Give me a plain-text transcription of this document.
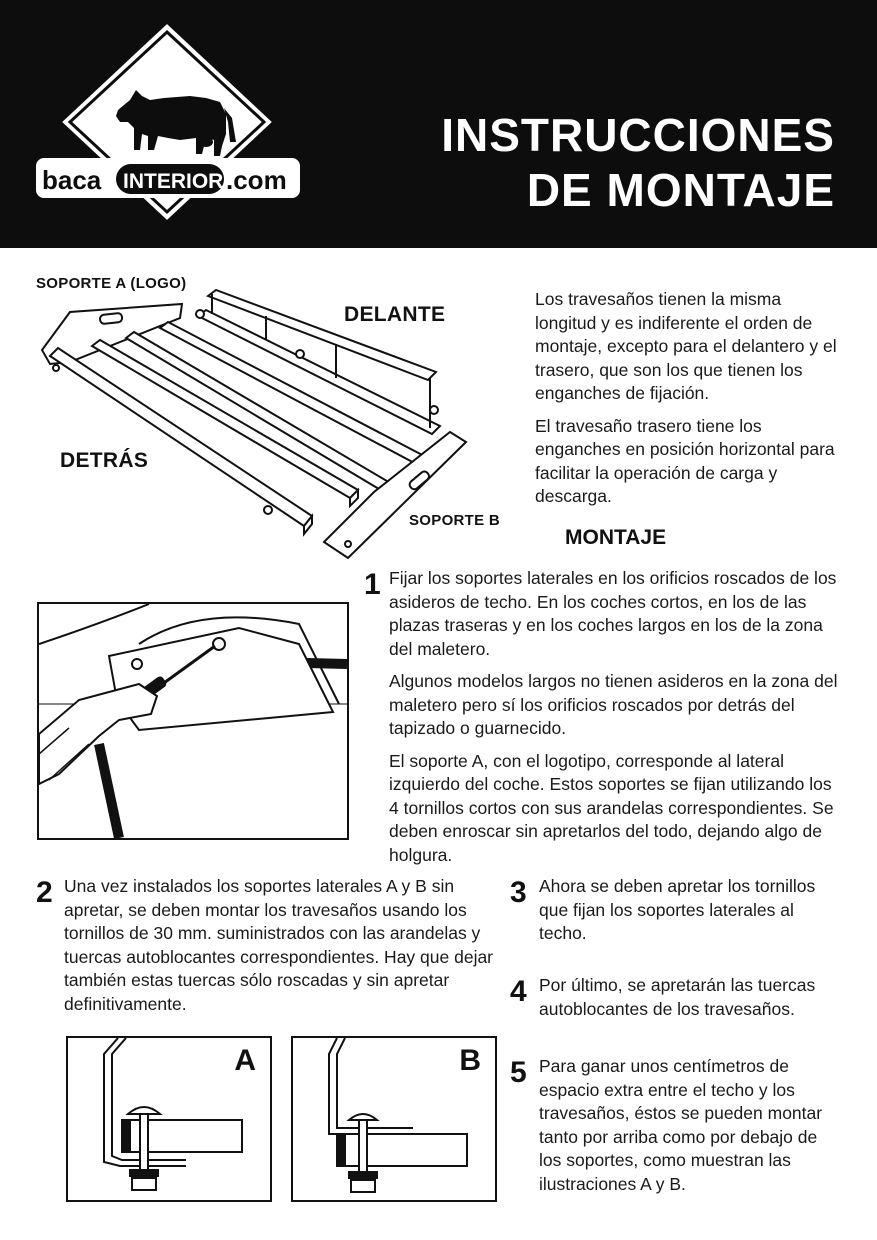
baca INTERIOR .com
INSTRUCCIONES
DE MONTAJE
SOPORTE A (LOGO)
DELANTE
DETRÁS
SOPORTE B

Los travesaños tienen la misma longitud y es indiferente el orden de montaje, excepto para el delantero y el trasero, que son los que tienen los enganches de fijación.

El travesaño trasero tiene los enganches en posición horizontal para facilitar la operación de carga y descarga.

MONTAJE
1 Fijar los soportes laterales en los orificios roscados de los asideros de techo. En los coches cortos, en los de las plazas traseras y en los coches largos en los de la zona del maletero.

Algunos modelos largos no tienen asideros en la zona del maletero pero sí los orificios roscados por detrás del tapizado o guarnecido.

El soporte A, con el logotipo, corresponde al lateral izquierdo del coche. Estos soportes se fijan utilizando los 4 tornillos cortos con sus arandelas correspondientes. Se deben enroscar sin apretarlos del todo, dejando algo de holgura.

2 Una vez instalados los soportes laterales A y B sin apretar, se deben montar los travesaños usando los tornillos de 30 mm. suministrados con las arandelas y tuercas autoblocantes correspondientes. Hay que dejar también estas tuercas sólo roscadas y sin apretar definitivamente.

3 Ahora se deben apretar los tornillos que fijan los soportes laterales al techo.

4 Por último, se apretarán las tuercas autoblocantes de los travesaños.

5 Para ganar unos centímetros de espacio extra entre el techo y los travesaños, éstos se pueden montar tanto por arriba como por debajo de los soportes, como muestran las ilustraciones A y B.

A	B
